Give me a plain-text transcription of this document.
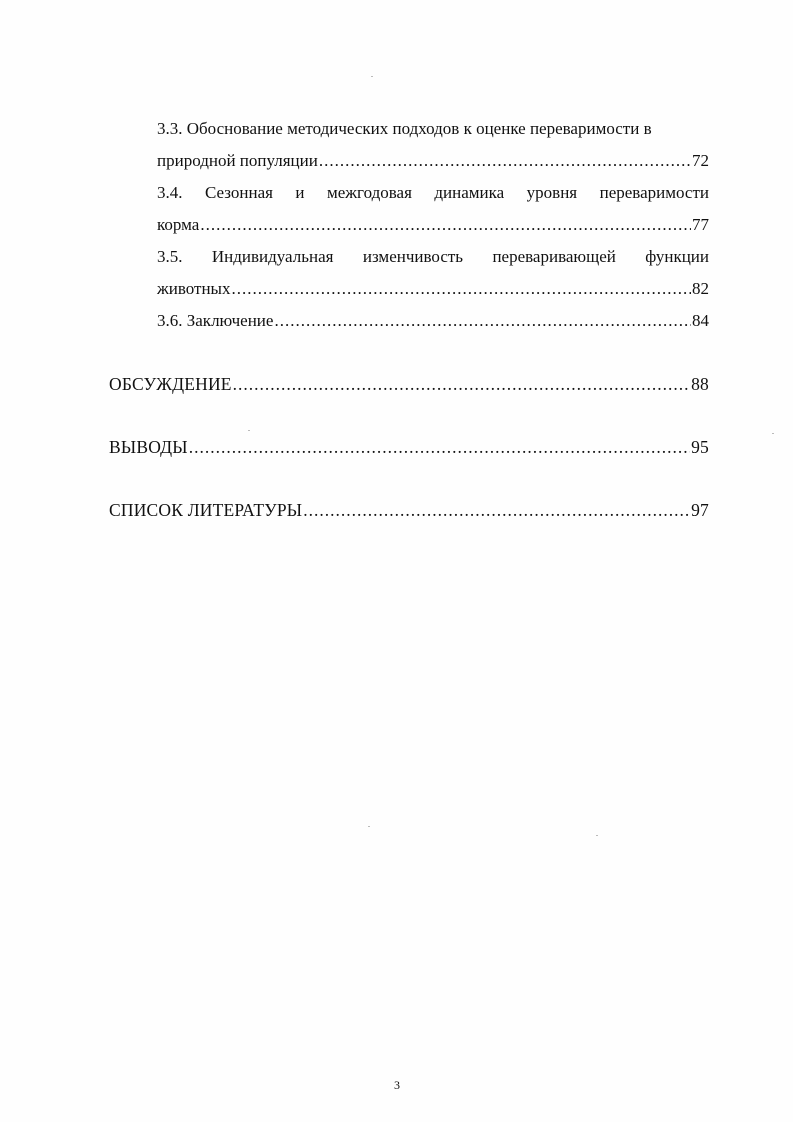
3.3. Обоснование методических подходов к оценке переваримости в
природной популяции .....	72
3.4. Сезонная и межгодовая динамика уровня переваримости
корма .....	77
3.5. Индивидуальная изменчивость переваривающей функции
животных .....	82
3.6. Заключение .....	84
ОБСУЖДЕНИЕ .....	88
ВЫВОДЫ .....	95
СПИСОК ЛИТЕРАТУРЫ .....	97
3
